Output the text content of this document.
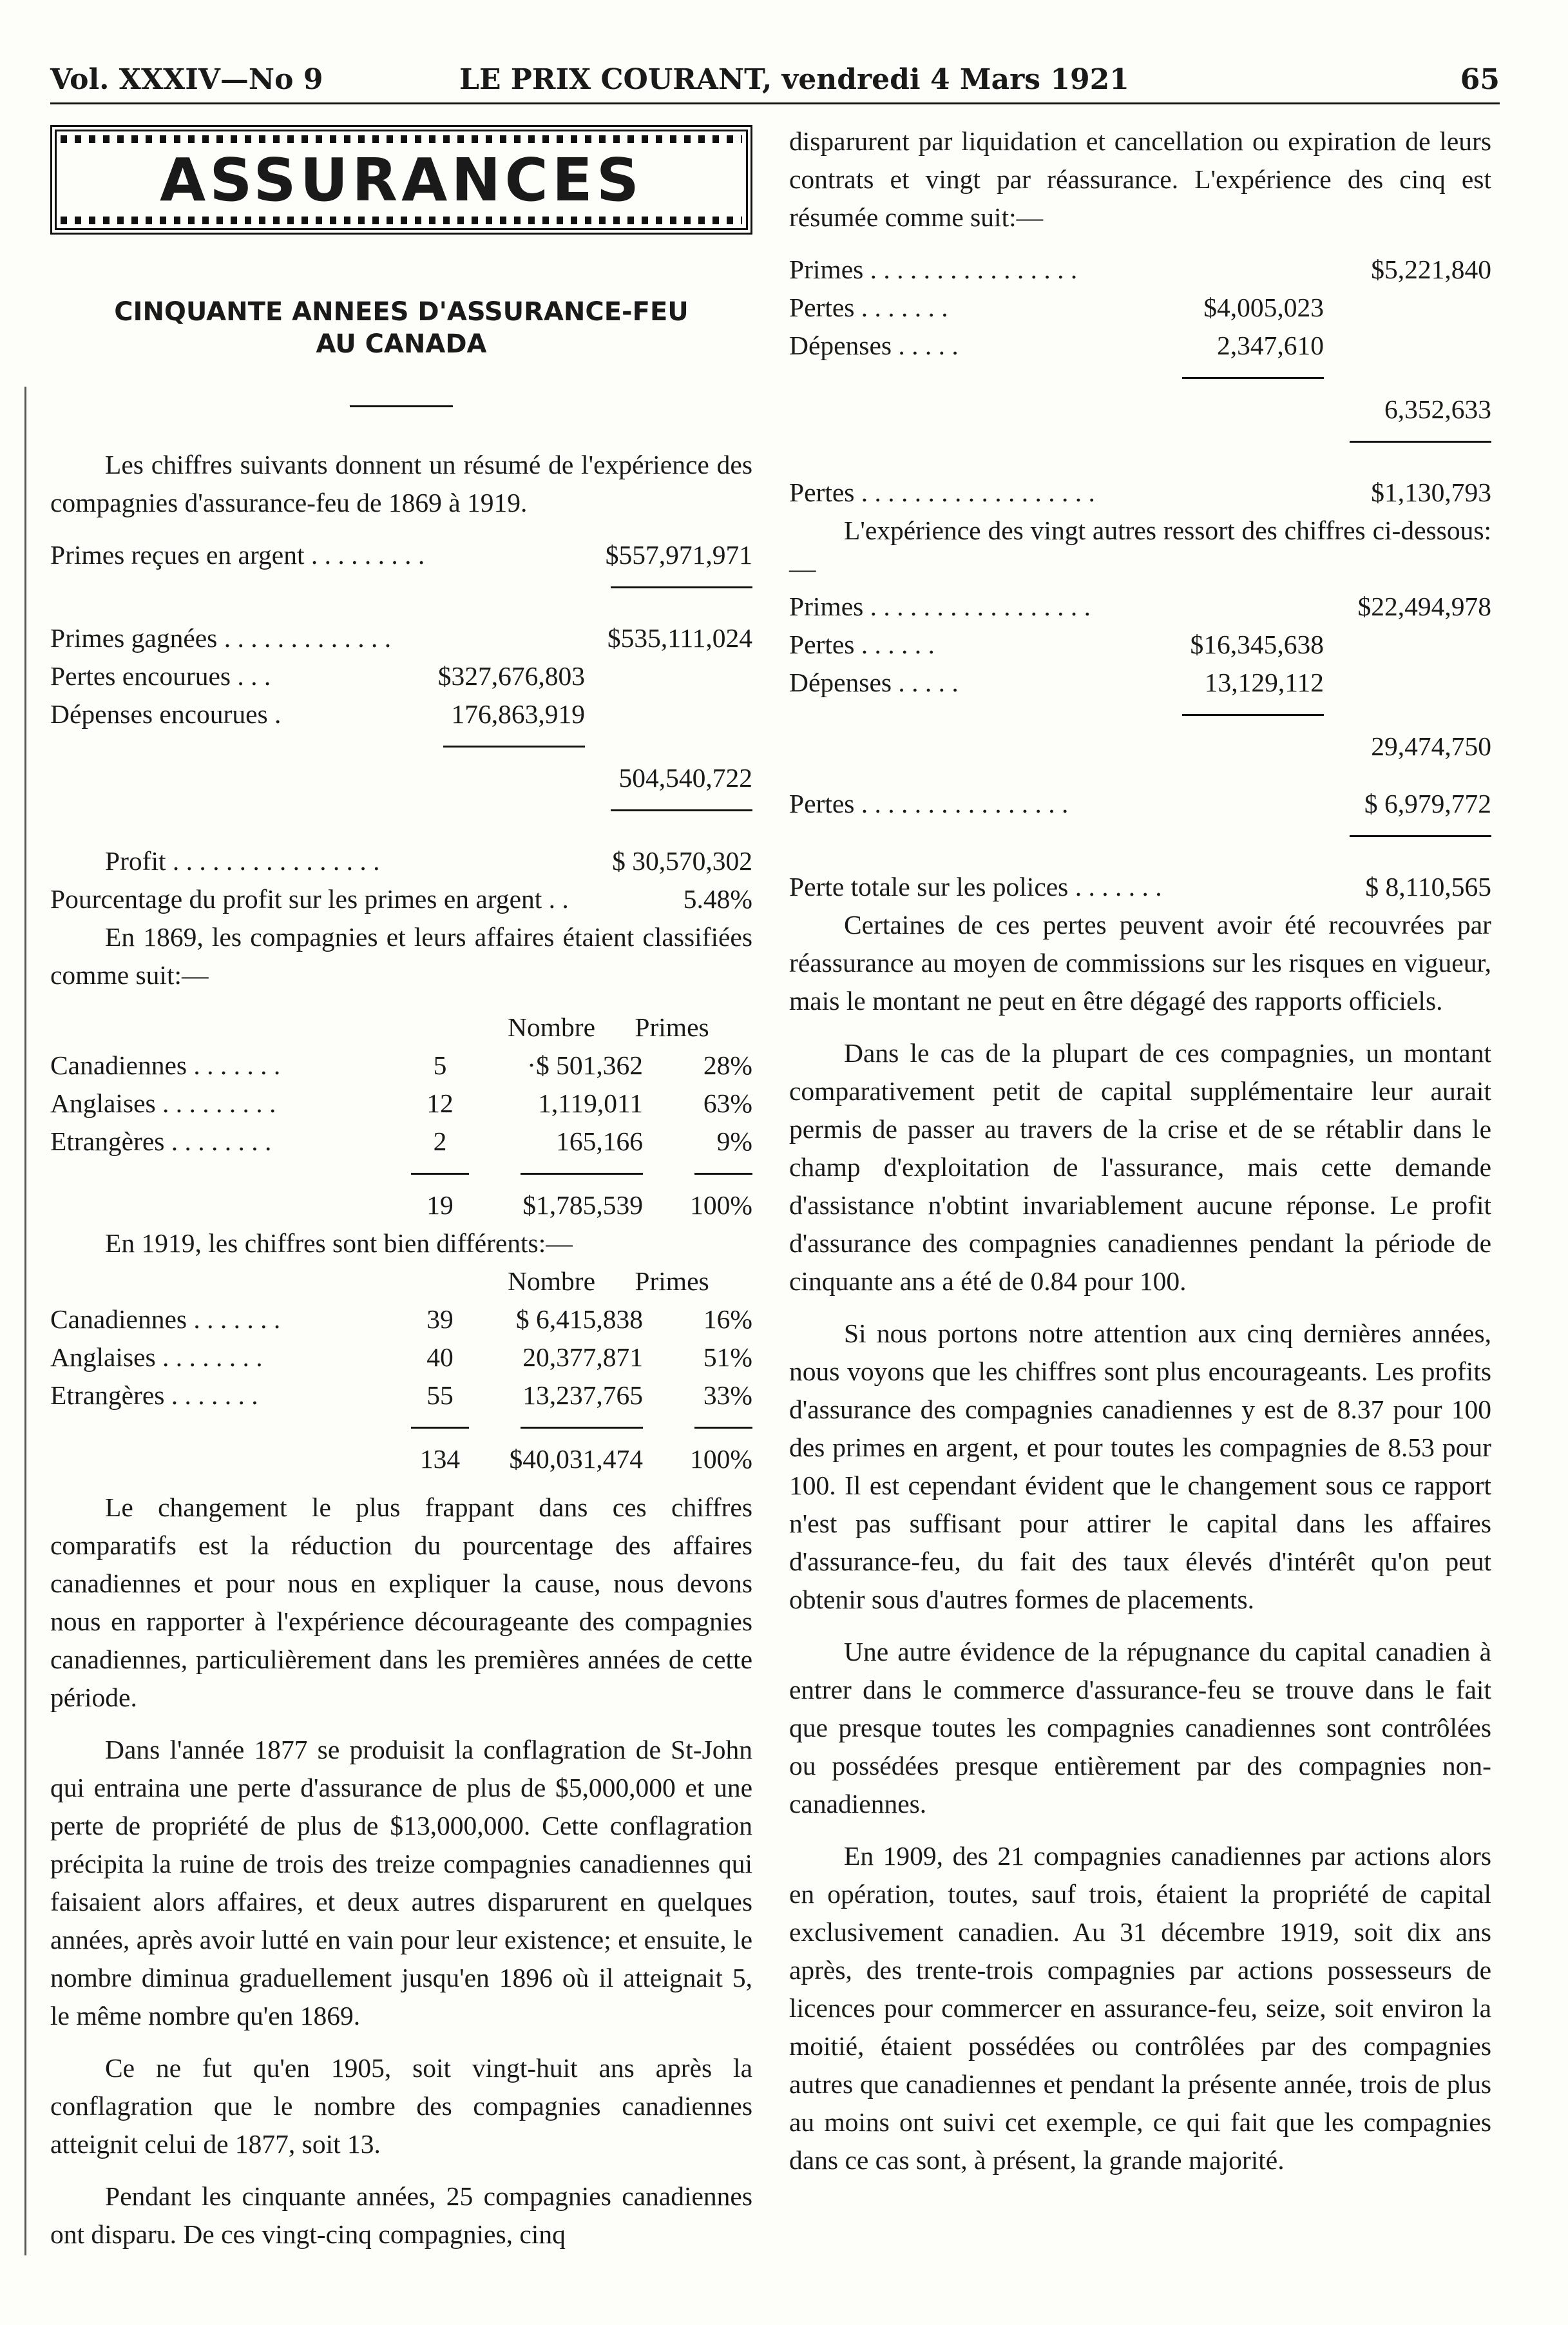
Vol. XXXIV—No 9	LE PRIX COURANT, vendredi 4 Mars 1921	65
ASSURANCES
CINQUANTE ANNEES D'ASSURANCE-FEU
AU CANADA

Les chiffres suivants donnent un résumé de l'expérience des compagnies d'assurance-feu de 1869 à 1919.

Primes reçues en argent . . . . . . . . .	$557,971,971
Primes gagnées . . . . . . . . . . . . .	$535,111,024
Pertes encourues . . .	$327,676,803
Dépenses encourues .	176,863,919
504,540,722
Profit . . . . . . . . . . . . . . . .	$ 30,570,302
Pourcentage du profit sur les primes en argent . .	5.48%

En 1869, les compagnies et leurs affaires étaient classifiées comme suit:—

Nombre	Primes
Canadiennes . . . . . . .	5	·$ 501,362	28%
Anglaises . . . . . . . . .	12	1,119,011	63%
Etrangères . . . . . . . .	2	165,166	9%
19	$1,785,539	100%

En 1919, les chiffres sont bien différents:—

Nombre	Primes
Canadiennes . . . . . . .	39	$ 6,415,838	16%
Anglaises . . . . . . . .	40	20,377,871	51%
Etrangères . . . . . . .	55	13,237,765	33%
134	$40,031,474	100%

Le changement le plus frappant dans ces chiffres comparatifs est la réduction du pourcentage des affaires canadiennes et pour nous en expliquer la cause, nous devons nous en rapporter à l'expérience décourageante des compagnies canadiennes, particulièrement dans les premières années de cette période.

Dans l'année 1877 se produisit la conflagration de St-John qui entraina une perte d'assurance de plus de $5,000,000 et une perte de propriété de plus de $13,000,000. Cette conflagration précipita la ruine de trois des treize compagnies canadiennes qui faisaient alors affaires, et deux autres disparurent en quelques années, après avoir lutté en vain pour leur existence; et ensuite, le nombre diminua graduellement jusqu'en 1896 où il atteignait 5, le même nombre qu'en 1869.

Ce ne fut qu'en 1905, soit vingt-huit ans après la conflagration que le nombre des compagnies canadiennes atteignit celui de 1877, soit 13.

Pendant les cinquante années, 25 compagnies canadiennes ont disparu. De ces vingt-cinq compagnies, cinq

disparurent par liquidation et cancellation ou expiration de leurs contrats et vingt par réassurance. L'expérience des cinq est résumée comme suit:—

Primes . . . . . . . . . . . . . . . .	$5,221,840
Pertes . . . . . . .	$4,005,023
Dépenses . . . . .	2,347,610
6,352,633
Pertes . . . . . . . . . . . . . . . . . .	$1,130,793

L'expérience des vingt autres ressort des chiffres ci-dessous:—

Primes . . . . . . . . . . . . . . . . .	$22,494,978
Pertes . . . . . .	$16,345,638
Dépenses . . . . .	13,129,112
29,474,750
Pertes . . . . . . . . . . . . . . . .	$ 6,979,772
Perte totale sur les polices . . . . . . .	$ 8,110,565

Certaines de ces pertes peuvent avoir été recouvrées par réassurance au moyen de commissions sur les risques en vigueur, mais le montant ne peut en être dégagé des rapports officiels.

Dans le cas de la plupart de ces compagnies, un montant comparativement petit de capital supplémentaire leur aurait permis de passer au travers de la crise et de se rétablir dans le champ d'exploitation de l'assurance, mais cette demande d'assistance n'obtint invariablement aucune réponse. Le profit d'assurance des compagnies canadiennes pendant la période de cinquante ans a été de 0.84 pour 100.

Si nous portons notre attention aux cinq dernières années, nous voyons que les chiffres sont plus encourageants. Les profits d'assurance des compagnies canadiennes y est de 8.37 pour 100 des primes en argent, et pour toutes les compagnies de 8.53 pour 100. Il est cependant évident que le changement sous ce rapport n'est pas suffisant pour attirer le capital dans les affaires d'assurance-feu, du fait des taux élevés d'intérêt qu'on peut obtenir sous d'autres formes de placements.

Une autre évidence de la répugnance du capital canadien à entrer dans le commerce d'assurance-feu se trouve dans le fait que presque toutes les compagnies canadiennes sont contrôlées ou possédées presque entièrement par des compagnies non-canadiennes.

En 1909, des 21 compagnies canadiennes par actions alors en opération, toutes, sauf trois, étaient la propriété de capital exclusivement canadien. Au 31 décembre 1919, soit dix ans après, des trente-trois compagnies par actions possesseurs de licences pour commercer en assurance-feu, seize, soit environ la moitié, étaient possédées ou contrôlées par des compagnies autres que canadiennes et pendant la présente année, trois de plus au moins ont suivi cet exemple, ce qui fait que les compagnies dans ce cas sont, à présent, la grande majorité.
